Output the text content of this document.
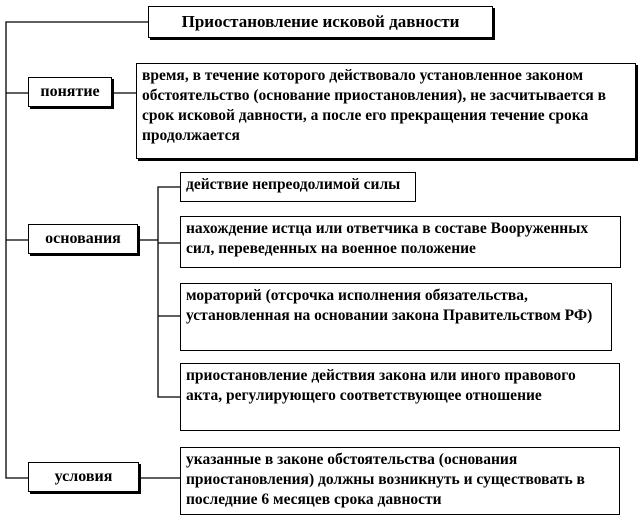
Приостановление исковой давности
понятие
основания
условия
время, в течение которого действовало установленное законом обстоятельство (основание приостановления), не засчитывается в срок исковой давности, а после его прекращения течение срока продолжается
действие непреодолимой силы
нахождение истца или ответчика в составе Вооруженных сил, переведенных на военное положение
мораторий (отсрочка исполнения обязательства, установленная на основании закона Правительством РФ)
приостановление действия закона или иного правового акта, регулирующего соответствующее отношение
указанные в законе обстоятельства (основания приостановления) должны возникнуть и существовать в последние 6 месяцев срока давности
